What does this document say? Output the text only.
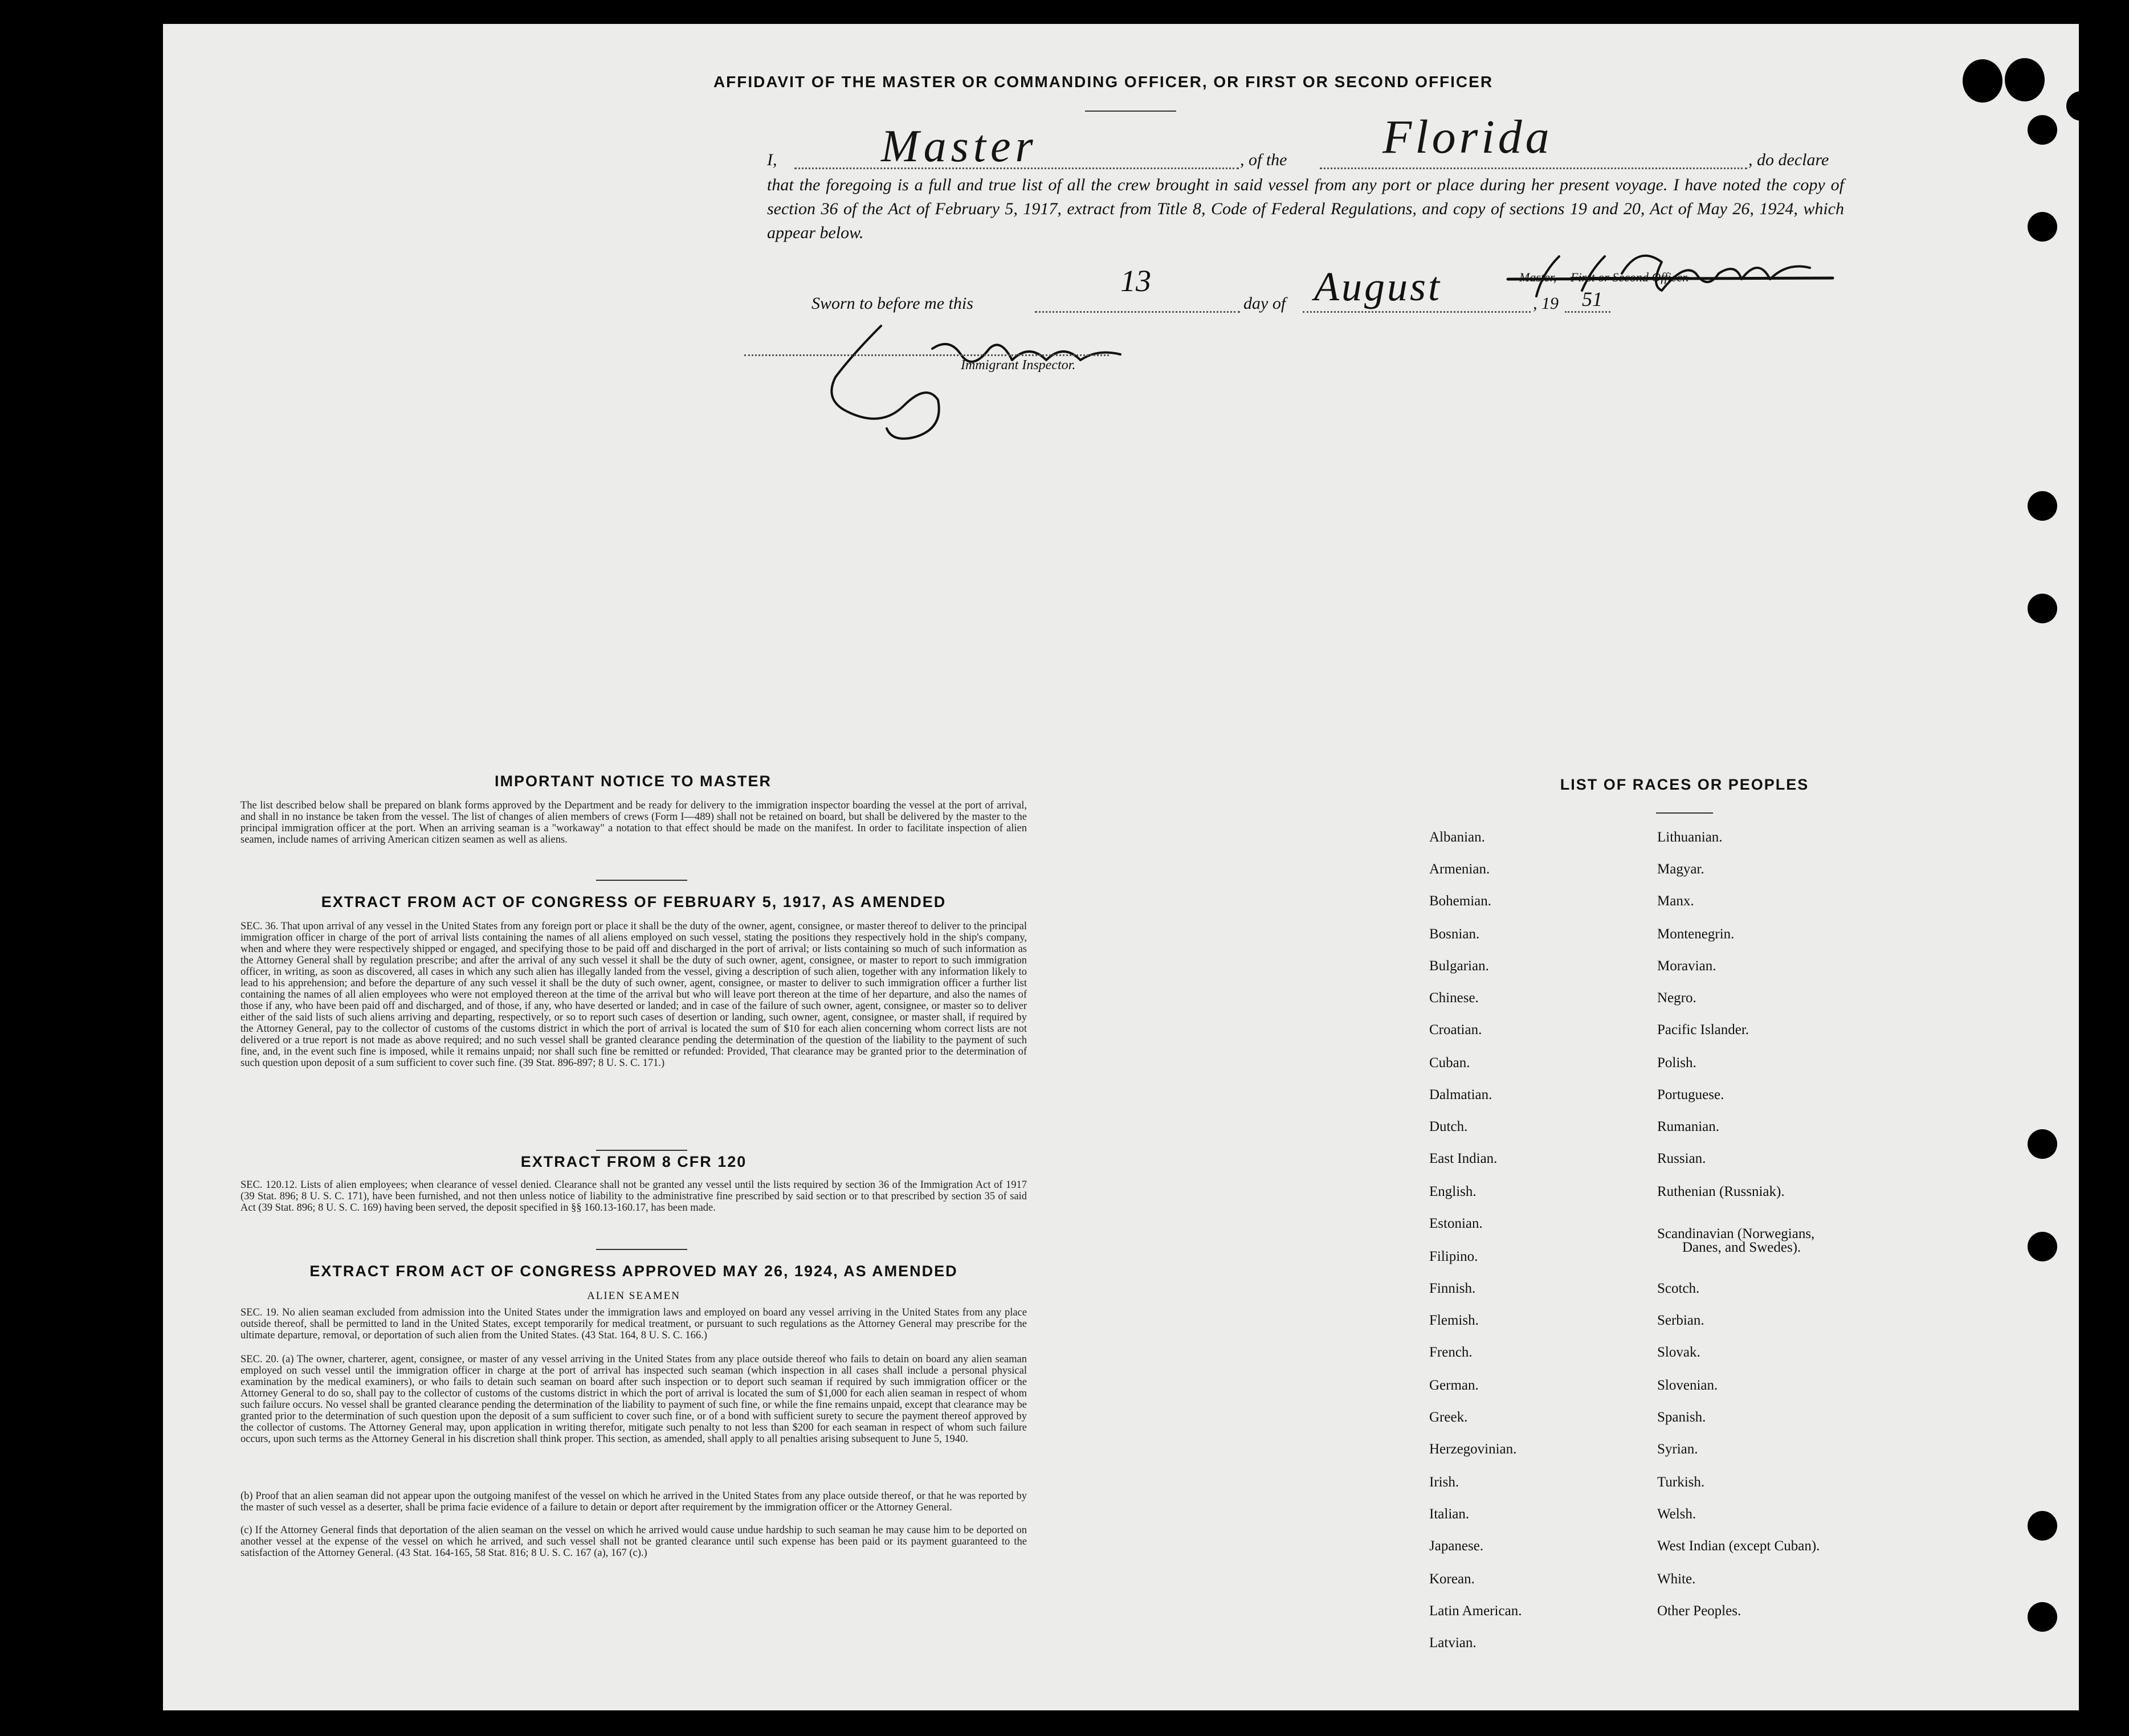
AFFIDAVIT OF THE MASTER OR COMMANDING OFFICER, OR FIRST OR SECOND OFFICER
I,	, of the	, do declare
Master	Florida
that the foregoing is a full and true list of all the crew brought in said vessel from any port or place during her present voyage. I have noted the copy of section 36 of the Act of February 5, 1917, extract from Title 8, Code of Federal Regulations, and copy of sections 19 and 20, Act of May 26, 1924, which appear below.
Master, First or Second Officer.
Sworn to before me this
13
day of August	, 19 51
Immigrant Inspector.
IMPORTANT NOTICE TO MASTER
The list described below shall be prepared on blank forms approved by the Department and be ready for delivery to the immigration inspector boarding the vessel at the port of arrival, and shall in no instance be taken from the vessel. The list of changes of alien members of crews (Form I—489) shall not be retained on board, but shall be delivered by the master to the principal immigration officer at the port. When an arriving seaman is a "workaway" a notation to that effect should be made on the manifest. In order to facilitate inspection of alien seamen, include names of arriving American citizen seamen as well as aliens.
EXTRACT FROM ACT OF CONGRESS OF FEBRUARY 5, 1917, AS AMENDED
SEC. 36. That upon arrival of any vessel in the United States from any foreign port or place it shall be the duty of the owner, agent, consignee, or master thereof to deliver to the principal immigration officer in charge of the port of arrival lists containing the names of all aliens employed on such vessel, stating the positions they respectively hold in the ship's company, when and where they were respectively shipped or engaged, and specifying those to be paid off and discharged in the port of arrival; or lists containing so much of such information as the Attorney General shall by regulation prescribe; and after the arrival of any such vessel it shall be the duty of such owner, agent, consignee, or master to report to such immigration officer, in writing, as soon as discovered, all cases in which any such alien has illegally landed from the vessel, giving a description of such alien, together with any information likely to lead to his apprehension; and before the departure of any such vessel it shall be the duty of such owner, agent, consignee, or master to deliver to such immigration officer a further list containing the names of all alien employees who were not employed thereon at the time of the arrival but who will leave port thereon at the time of her departure, and also the names of those if any, who have been paid off and discharged, and of those, if any, who have deserted or landed; and in case of the failure of such owner, agent, consignee, or master so to deliver either of the said lists of such aliens arriving and departing, respectively, or so to report such cases of desertion or landing, such owner, agent, consignee, or master shall, if required by the Attorney General, pay to the collector of customs of the customs district in which the port of arrival is located the sum of $10 for each alien concerning whom correct lists are not delivered or a true report is not made as above required; and no such vessel shall be granted clearance pending the determination of the question of the liability to the payment of such fine, and, in the event such fine is imposed, while it remains unpaid; nor shall such fine be remitted or refunded: Provided, That clearance may be granted prior to the determination of such question upon deposit of a sum sufficient to cover such fine. (39 Stat. 896-897; 8 U. S. C. 171.)
EXTRACT FROM 8 CFR 120
SEC. 120.12. Lists of alien employees; when clearance of vessel denied. Clearance shall not be granted any vessel until the lists required by section 36 of the Immigration Act of 1917 (39 Stat. 896; 8 U. S. C. 171), have been furnished, and not then unless notice of liability to the administrative fine prescribed by said section or to that prescribed by section 35 of said Act (39 Stat. 896; 8 U. S. C. 169) having been served, the deposit specified in §§ 160.13-160.17, has been made.
EXTRACT FROM ACT OF CONGRESS APPROVED MAY 26, 1924, AS AMENDED
ALIEN SEAMEN
SEC. 19. No alien seaman excluded from admission into the United States under the immigration laws and employed on board any vessel arriving in the United States from any place outside thereof, shall be permitted to land in the United States, except temporarily for medical treatment, or pursuant to such regulations as the Attorney General may prescribe for the ultimate departure, removal, or deportation of such alien from the United States. (43 Stat. 164, 8 U. S. C. 166.)
SEC. 20. (a) The owner, charterer, agent, consignee, or master of any vessel arriving in the United States from any place outside thereof who fails to detain on board any alien seaman employed on such vessel until the immigration officer in charge at the port of arrival has inspected such seaman (which inspection in all cases shall include a personal physical examination by the medical examiners), or who fails to detain such seaman on board after such inspection or to deport such seaman if required by such immigration officer or the Attorney General to do so, shall pay to the collector of customs of the customs district in which the port of arrival is located the sum of $1,000 for each alien seaman in respect of whom such failure occurs. No vessel shall be granted clearance pending the determination of the liability to payment of such fine, or while the fine remains unpaid, except that clearance may be granted prior to the determination of such question upon the deposit of a sum sufficient to cover such fine, or of a bond with sufficient surety to secure the payment thereof approved by the collector of customs. The Attorney General may, upon application in writing therefor, mitigate such penalty to not less than $200 for each seaman in respect of whom such failure occurs, upon such terms as the Attorney General in his discretion shall think proper. This section, as amended, shall apply to all penalties arising subsequent to June 5, 1940.
(b) Proof that an alien seaman did not appear upon the outgoing manifest of the vessel on which he arrived in the United States from any place outside thereof, or that he was reported by the master of such vessel as a deserter, shall be prima facie evidence of a failure to detain or deport after requirement by the immigration officer or the Attorney General.
(c) If the Attorney General finds that deportation of the alien seaman on the vessel on which he arrived would cause undue hardship to such seaman he may cause him to be deported on another vessel at the expense of the vessel on which he arrived, and such vessel shall not be granted clearance until such expense has been paid or its payment guaranteed to the satisfaction of the Attorney General. (43 Stat. 164-165, 58 Stat. 816; 8 U. S. C. 167 (a), 167 (c).)
LIST OF RACES OR PEOPLES
Albanian.
Armenian.
Bohemian.
Bosnian.
Bulgarian.
Chinese.
Croatian.
Cuban.
Dalmatian.
Dutch.
East Indian.
English.
Estonian.
Filipino.
Finnish.
Flemish.
French.
German.
Greek.
Herzegovinian.
Irish.
Italian.
Japanese.
Korean.
Latin American.
Latvian.
Lithuanian.
Magyar.
Manx.
Montenegrin.
Moravian.
Negro.
Pacific Islander.
Polish.
Portuguese.
Rumanian.
Russian.
Ruthenian (Russniak).
Scandinavian (Norwegians,
Danes, and Swedes).
Scotch.
Serbian.
Slovak.
Slovenian.
Spanish.
Syrian.
Turkish.
Welsh.
West Indian (except Cuban).
White.
Other Peoples.
